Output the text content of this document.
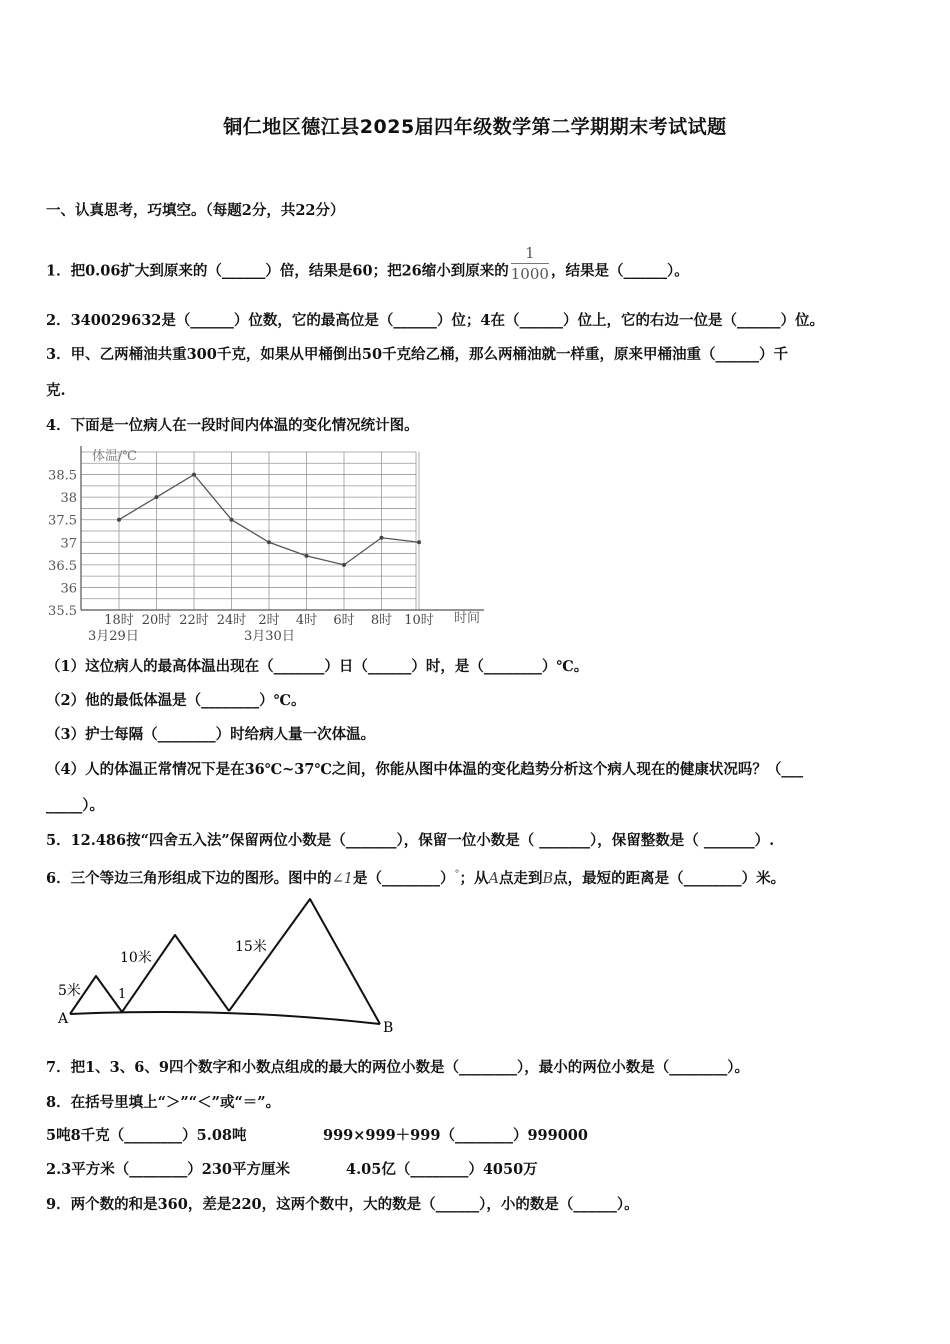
铜仁地区德江县2025届四年级数学第二学期期末考试试题
一、认真思考，巧填空。（每题2分，共22分）
1．把0.06扩大到原来的（______）倍，结果是60；把26缩小到原来的 $\frac{1}{1000}$ ，结果是（______）。
2．340029632是（______）位数，它的最高位是（______）位；4在（______）位上，它的右边一位是（______）位。
3．甲、乙两桶油共重300千克，如果从甲桶倒出50千克给乙桶，那么两桶油就一样重，原来甲桶油重（______）千
克.
4．下面是一位病人在一段时间内体温的变化情况统计图。
35.5
36
36.5
37
37.5
38
38.5
18时 20时 22时 24时 2时 4时 6时 8时 10时
体温/℃
时间
3月29日	3月30日
（1）这位病人的最高体温出现在（_______）日（______）时，是（________）℃。
（2）他的最低体温是（________）℃。
（3）护士每隔（________）时给病人量一次体温。
（4）人的体温正常情况下是在36℃~37℃之间，你能从图中体温的变化趋势分析这个病人现在的健康状况吗？（___
_____）。
5．12.486按“四舍五入法”保留两位小数是（_______），保留一位小数是（ _______），保留整数是（ _______）.
6．三个等边三角形组成下边的图形。图中的∠1是（________）°；从A点走到B点，最短的距离是（________）米。
5米
10米
15米
1
A
B
7．把1、3、6、9四个数字和小数点组成的最大的两位小数是（________），最小的两位小数是（________）。
8．在括号里填上“＞”“＜”或“＝”。
5吨8千克（________）5.08吨	999×999＋999（________）999000
2.3平方米（________）230平方厘米	4.05亿（________）4050万
9．两个数的和是360，差是220，这两个数中，大的数是（______），小的数是（______）。
